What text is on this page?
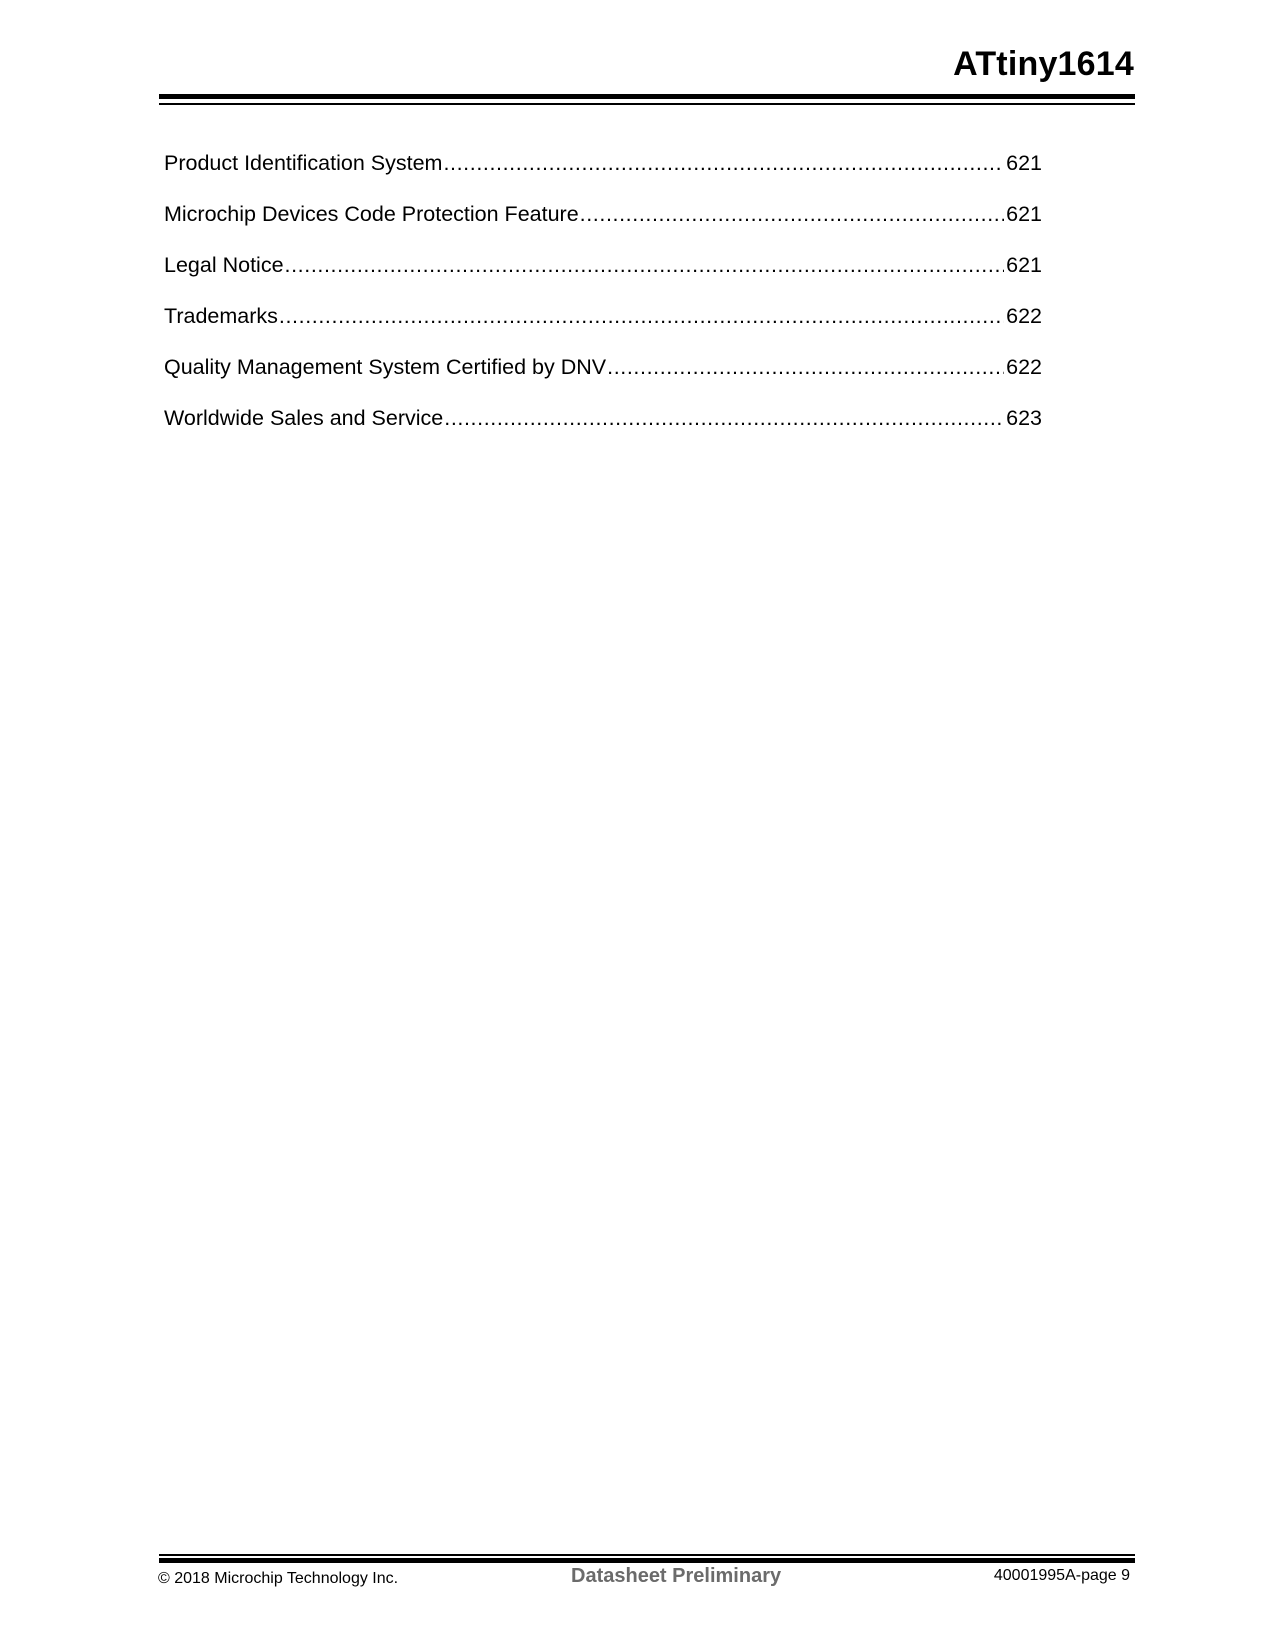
ATtiny1614
Product Identification System .....	621
Microchip Devices Code Protection Feature .....	621
Legal Notice .....	621
Trademarks .....	622
Quality Management System Certified by DNV .....	622
Worldwide Sales and Service .....	623
© 2018 Microchip Technology Inc.	Datasheet Preliminary	40001995A-page 9
